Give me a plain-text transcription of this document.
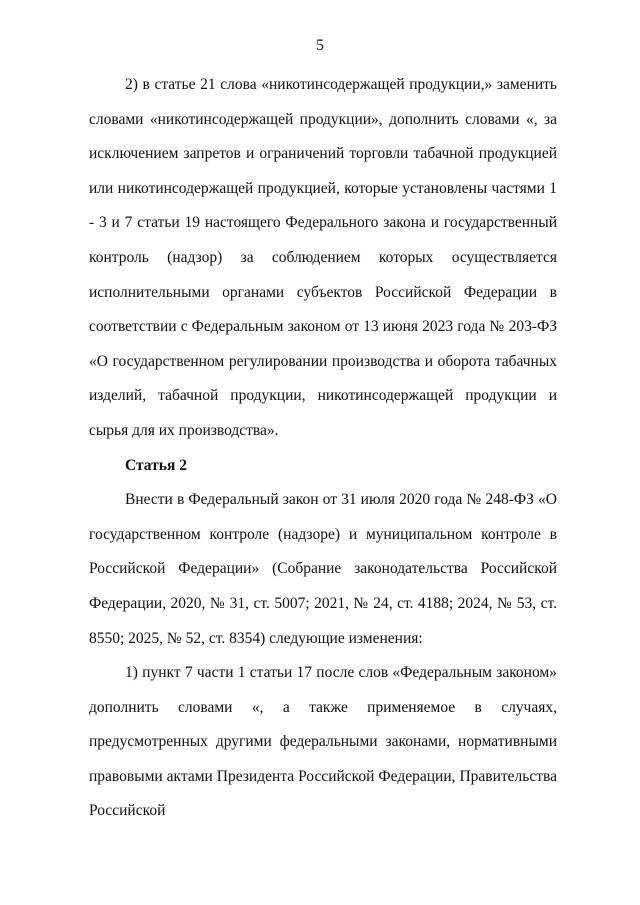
5

2) в статье 21 слова «никотинсодержащей продукции,» заменить словами «никотинсодержащей продукции», дополнить словами «, за исключением запретов и ограничений торговли табачной продукцией или никотинсодержащей продукцией, которые установлены частями 1 - 3 и 7 статьи 19 настоящего Федерального закона и государственный контроль (надзор) за соблюдением которых осуществляется исполнительными органами субъектов Российской Федерации в соответствии с Федеральным законом от 13 июня 2023 года № 203-ФЗ «О государственном регулировании производства и оборота табачных изделий, табачной продукции, никотинсодержащей продукции и сырья для их производства».

Статья 2

Внести в Федеральный закон от 31 июля 2020 года № 248-ФЗ «О государственном контроле (надзоре) и муниципальном контроле в Российской Федерации» (Собрание законодательства Российской Федерации, 2020, № 31, ст. 5007; 2021, № 24, ст. 4188; 2024, № 53, ст. 8550; 2025, № 52, ст. 8354) следующие изменения:

1) пункт 7 части 1 статьи 17 после слов «Федеральным законом» дополнить словами «, а также применяемое в случаях, предусмотренных другими федеральными законами, нормативными правовыми актами Президента Российской Федерации, Правительства Российской
